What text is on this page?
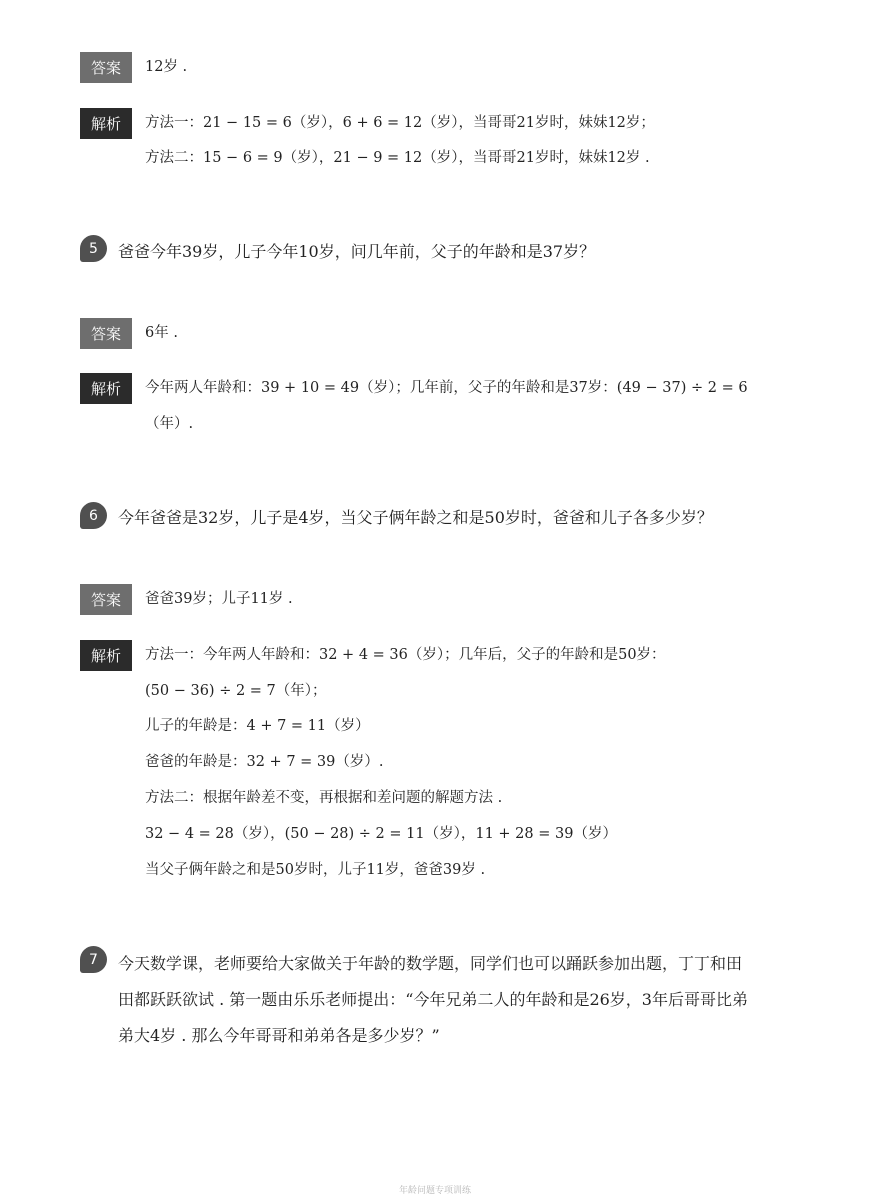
答案	12岁 .
解析	方法一：21 − 15 = 6（岁），6 + 6 = 12（岁），当哥哥21岁时，妹妹12岁；
方法二：15 − 6 = 9（岁），21 − 9 = 12（岁），当哥哥21岁时，妹妹12岁 .
5	爸爸今年39岁，儿子今年10岁，问几年前，父子的年龄和是37岁？
答案	6年 .
解析	今年两人年龄和：39 + 10 = 49（岁）；几年前，父子的年龄和是37岁：(49 − 37) ÷ 2 = 6
（年）.
6	今年爸爸是32岁，儿子是4岁，当父子俩年龄之和是50岁时，爸爸和儿子各多少岁？
答案	爸爸39岁；儿子11岁 .
解析	方法一：今年两人年龄和：32 + 4 = 36（岁）；几年后，父子的年龄和是50岁：
(50 − 36) ÷ 2 = 7（年）；
儿子的年龄是：4 + 7 = 11（岁）
爸爸的年龄是：32 + 7 = 39（岁）.
方法二：根据年龄差不变，再根据和差问题的解题方法 .
32 − 4 = 28（岁），(50 − 28) ÷ 2 = 11（岁），11 + 28 = 39（岁）
当父子俩年龄之和是50岁时，儿子11岁，爸爸39岁 .
7	今天数学课，老师要给大家做关于年龄的数学题，同学们也可以踊跃参加出题，丁丁和田
田都跃跃欲试 . 第一题由乐乐老师提出：“今年兄弟二人的年龄和是26岁，3年后哥哥比弟
弟大4岁 . 那么今年哥哥和弟弟各是多少岁？”
年龄问题专项训练
